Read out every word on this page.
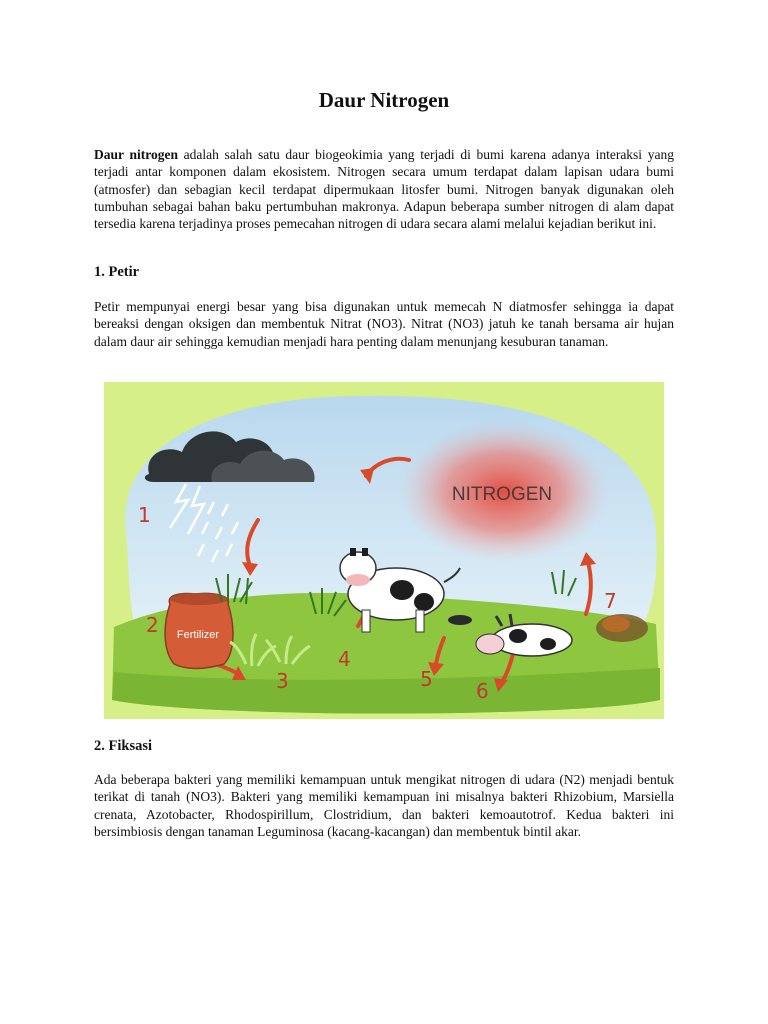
Daur Nitrogen

Daur nitrogen adalah salah satu daur biogeokimia yang terjadi di bumi karena adanya interaksi yang terjadi antar komponen dalam ekosistem. Nitrogen secara umum terdapat dalam lapisan udara bumi (atmosfer) dan sebagian kecil terdapat dipermukaan litosfer bumi. Nitrogen banyak digunakan oleh tumbuhan sebagai bahan baku pertumbuhan makronya. Adapun beberapa sumber nitrogen di alam dapat tersedia karena terjadinya proses pemecahan nitrogen di udara secara alami melalui kejadian berikut ini.

1. Petir

Petir mempunyai energi besar yang bisa digunakan untuk memecah N diatmosfer sehingga ia dapat bereaksi dengan oksigen dan membentuk Nitrat (NO3). Nitrat (NO3) jatuh ke tanah bersama air hujan dalam daur air sehingga kemudian menjadi hara penting dalam menunjang kesuburan tanaman.

NITROGEN
Fertilizer
1
2
3
4
5 6
7
2. Fiksasi

Ada beberapa bakteri yang memiliki kemampuan untuk mengikat nitrogen di udara (N2) menjadi bentuk terikat di tanah (NO3). Bakteri yang memiliki kemampuan ini misalnya bakteri Rhizobium, Marsiella crenata, Azotobacter, Rhodospirillum, Clostridium, dan bakteri kemoautotrof. Kedua bakteri ini bersimbiosis dengan tanaman Leguminosa (kacang-kacangan) dan membentuk bintil akar.
